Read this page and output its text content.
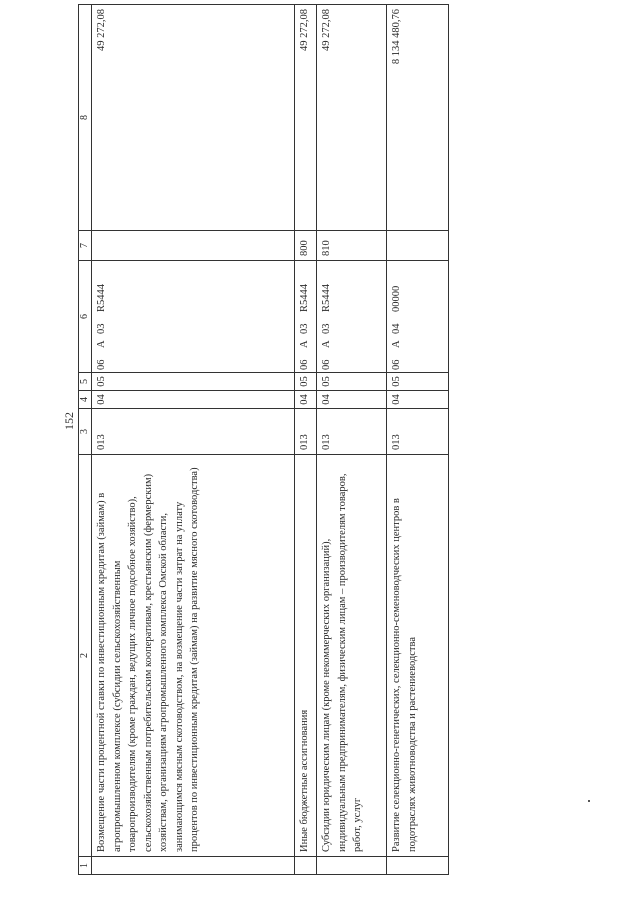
152
1	2	3	4	5	6	7	8
	Возмещение части процентной ставки по инвестиционным кредитам (займам) в агропромышленном комплексе (субсидии сельскохозяйственным товаропроизводителям (кроме граждан, ведущих личное подсобное хозяйство), сельскохозяйственным потребительским кооперативам, крестьянским (фермерским) хозяйствам, организациям агропромышленного комплекса Омской области, занимающимся мясным скотоводством, на возмещение части затрат на уплату процентов по инвестиционным кредитам (займам) на развитие мясного скотоводства)	013	04	05	06А03R5444		49 272,08
	Иные бюджетные ассигнования	013	04	05	06А03R5444	800	49 272,08
	Субсидии юридическим лицам (кроме некоммерческих организаций), индивидуальным предпринимателям, физическим лицам – производителям товаров, работ, услуг	013	04	05	06А03R5444	810	49 272,08
	Развитие селекционно-генетических, селекционно-семеноводческих центров в подотраслях животноводства и растениеводства	013	04	05	06А0400000		8 134 480,76
